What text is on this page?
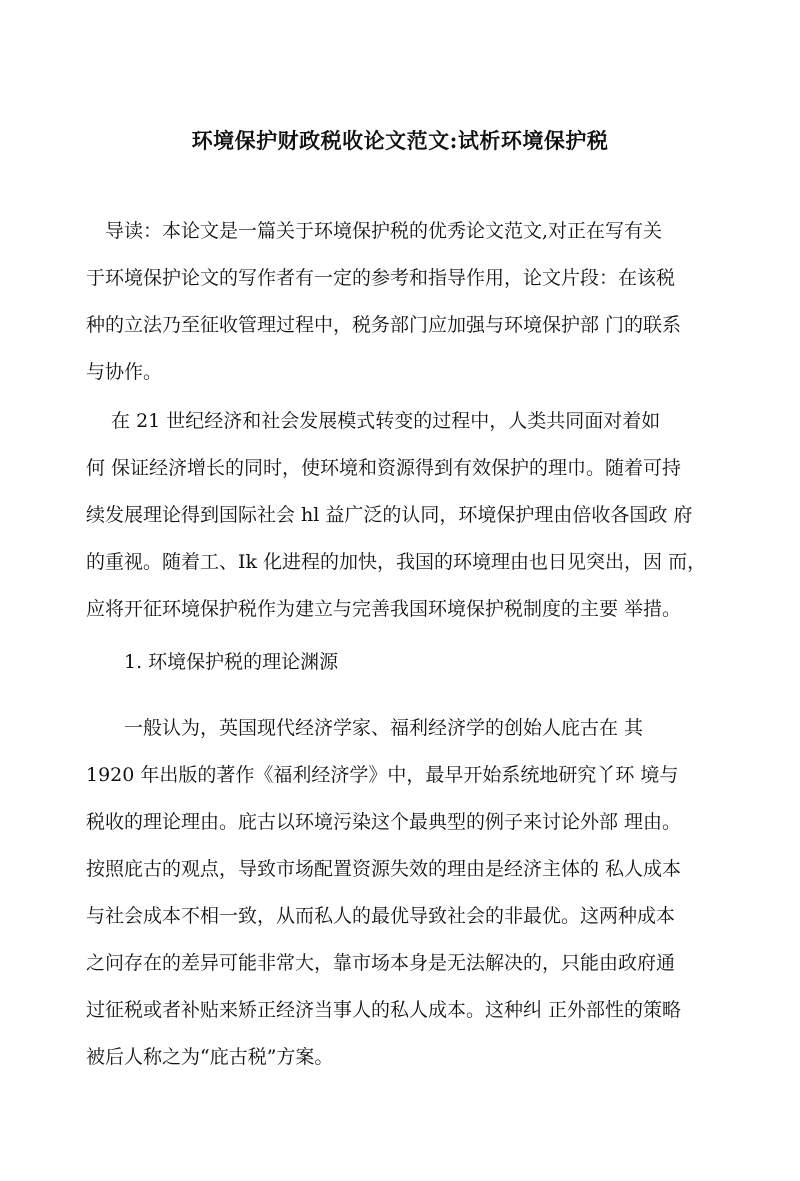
环境保护财政税收论文范文:试析环境保护税

　导读：本论文是一篇关于环境保护税的优秀论文范文,对正在写有关
于环境保护论文的写作者有一定的参考和指导作用，论文片段：在该税
种的立法乃至征收管理过程中，税务部门应加强与环境保护部 门的联系
与协作。

　 在 21 世纪经济和社会发展模式转变的过程中，人类共同面对着如
何 保证经济增长的同时，使环境和资源得到有效保护的理巾。随着可持
续发展理论得到国际社会 hl 益广泛的认同，环境保护理由倍收各国政 府
的重视。随着工、Ik 化进程的加快，我国的环境理由也日见突出，因 而，
应将开征环境保护税作为建立与完善我国环境保护税制度的主要 举措。

　　1. 环境保护税的理论渊源

　　一般认为，英国现代经济学家、福利经济学的创始人庇古在 其
1920 年出版的著作《福利经济学》中，最早开始系统地研究丫环 境与
税收的理论理由。庇古以环境污染这个最典型的例子来讨论外部 理由。
按照庇古的观点，导致市场配置资源失效的理由是经济主体的 私人成本
与社会成本不相一致，从而私人的最优导致社会的非最优。这两种成本
之问存在的差异可能非常大，靠市场本身是无法解决的，只能由政府通
过征税或者补贴来矫正经济当事人的私人成本。这种纠 正外部性的策略
被后人称之为“庇古税”方案。
